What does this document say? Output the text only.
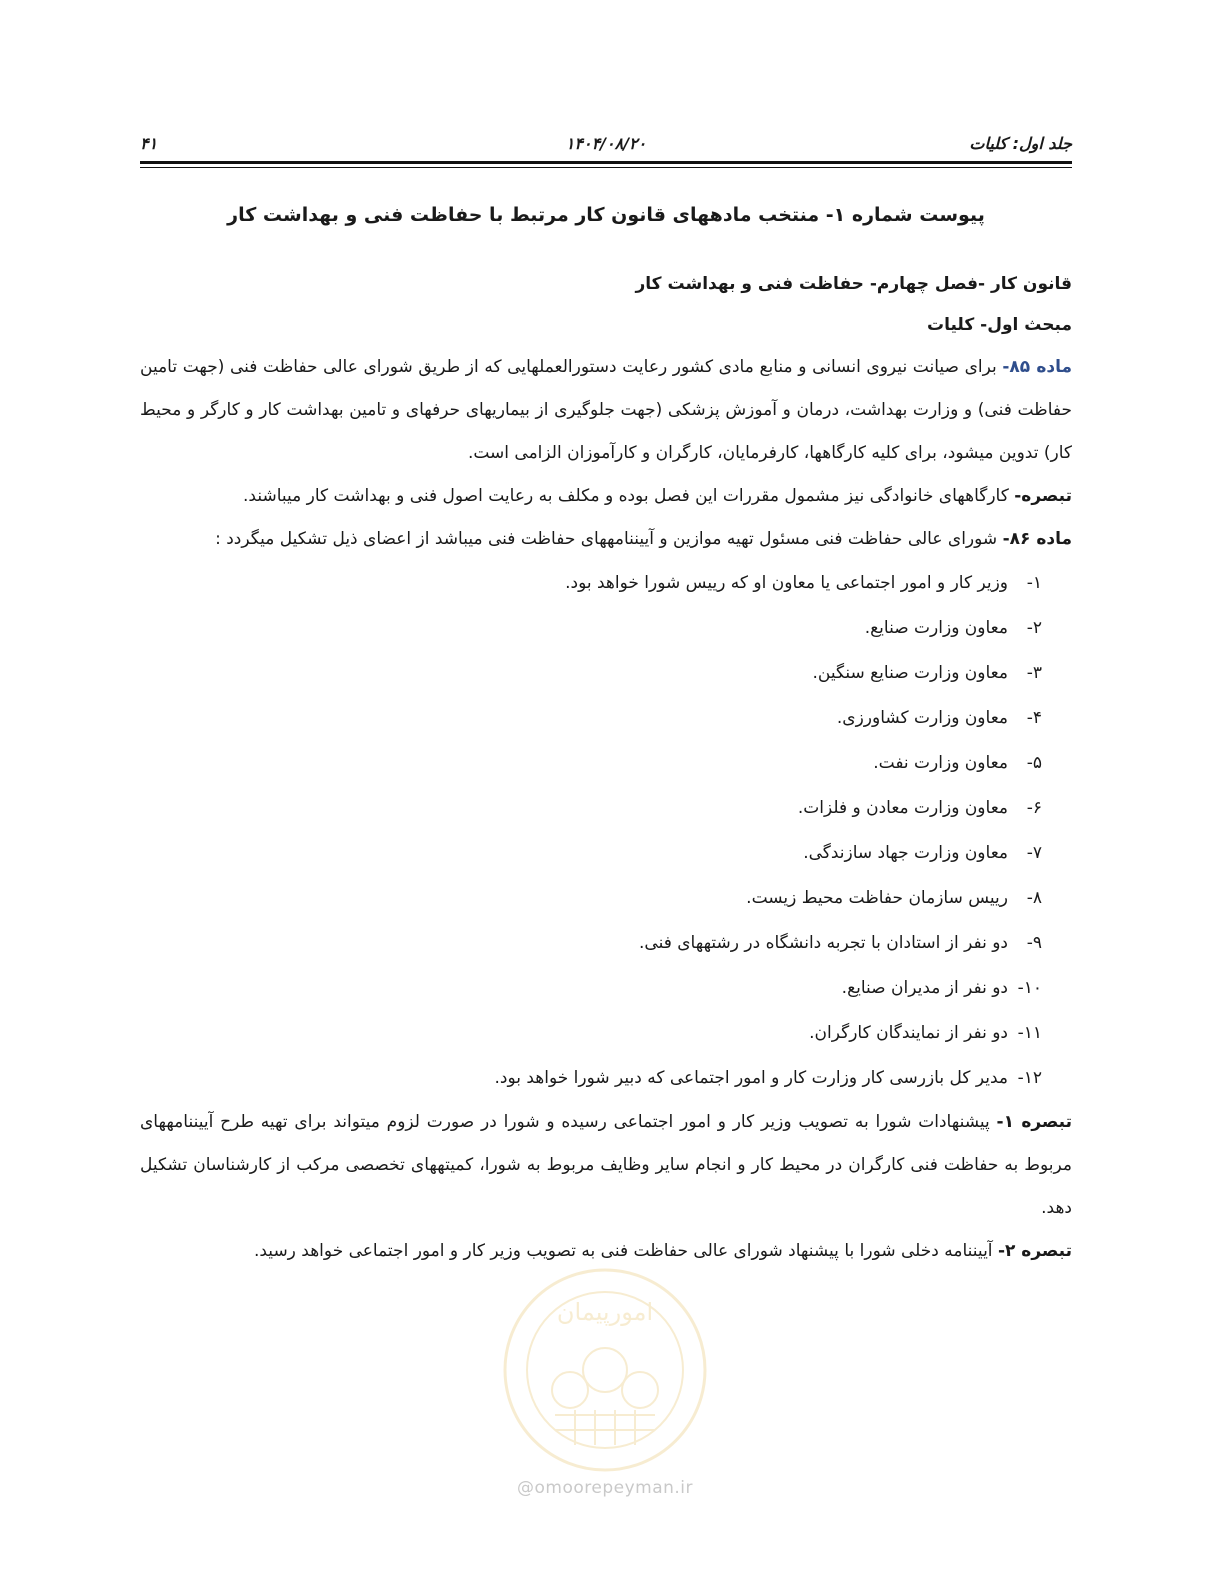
جلد اول: کلیات
۱۴۰۴/۰۸/۲۰
۴۱
پیوست شماره ۱- منتخب مادههای قانون کار مرتبط با حفاظت فنی و بهداشت کار
قانون کار -فصل چهارم- حفاظت فنی و بهداشت کار
مبحث اول- کلیات

ماده ۸۵- برای صیانت نیروی انسانی و منابع مادی کشور رعایت دستورالعملهایی که از طریق شورای عالی حفاظت فنی (جهت تامین حفاظت فنی) و وزارت بهداشت، درمان و آموزش پزشکی (جهت جلوگیری از بیماریهای حرفهای و تامین بهداشت کار و کارگر و محیط کار) تدوین میشود، برای کلیه کارگاهها، کارفرمایان، کارگران و کارآموزان الزامی است.

تبصره- کارگاههای خانوادگی نیز مشمول مقررات این فصل بوده و مکلف به رعایت اصول فنی و بهداشت کار میباشند.

ماده ۸۶- شورای عالی حفاظت فنی مسئول تهیه موازین و آییننامههای حفاظت فنی میباشد از اعضای ذیل تشکیل میگردد :

۱-وزیر کار و امور اجتماعی یا معاون او که رییس شورا خواهد بود.
۲-معاون وزارت صنایع.
۳-معاون وزارت صنایع سنگین.
۴-معاون وزارت کشاورزی.
۵-معاون وزارت نفت.
۶-معاون وزارت معادن و فلزات.
۷-معاون وزارت جهاد سازندگی.
۸-رییس سازمان حفاظت محیط زیست.
۹-دو نفر از استادان با تجربه دانشگاه در رشتههای فنی.
۱۰-دو نفر از مدیران صنایع.
۱۱-دو نفر از نمایندگان کارگران.
۱۲-مدیر کل بازرسی کار وزارت کار و امور اجتماعی که دبیر شورا خواهد بود.

تبصره ۱- پیشنهادات شورا به تصویب وزیر کار و امور اجتماعی رسیده و شورا در صورت لزوم میتواند برای تهیه طرح آییننامههای مربوط به حفاظت فنی کارگران در محیط کار و انجام سایر وظایف مربوط به شورا، کمیتههای تخصصی مرکب از کارشناسان تشکیل دهد.

تبصره ۲- آییننامه دخلی شورا با پیشنهاد شورای عالی حفاظت فنی به تصویب وزیر کار و امور اجتماعی خواهد رسید.

امورپیمان
@omoorepeyman.ir
